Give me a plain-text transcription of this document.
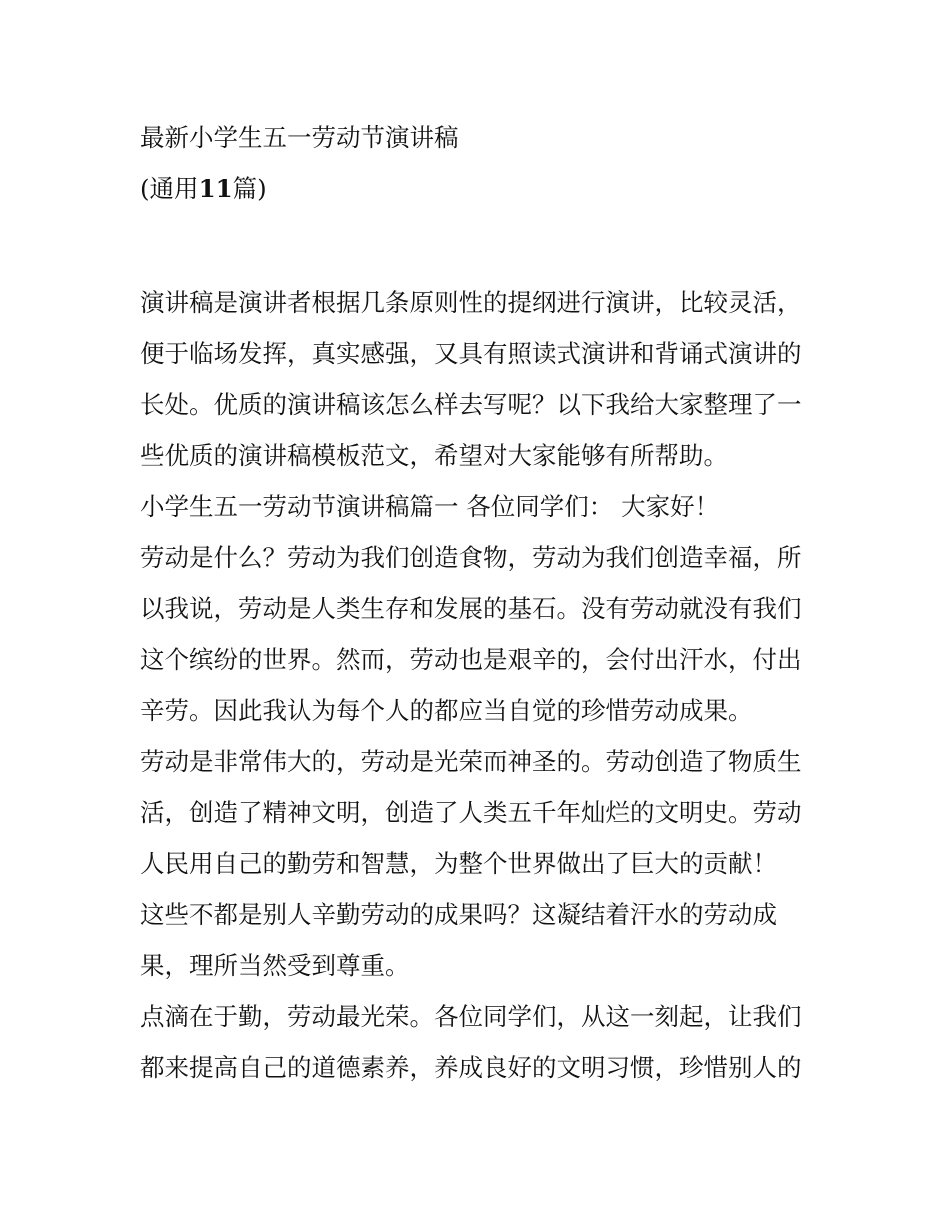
最新小学生五一劳动节演讲稿
(通用11篇)
演讲稿是演讲者根据几条原则性的提纲进行演讲，比较灵活，
便于临场发挥，真实感强，又具有照读式演讲和背诵式演讲的
长处。优质的演讲稿该怎么样去写呢？以下我给大家整理了一
些优质的演讲稿模板范文，希望对大家能够有所帮助。
小学生五一劳动节演讲稿篇一 各位同学们： 大家好！
劳动是什么？劳动为我们创造食物，劳动为我们创造幸福，所
以我说，劳动是人类生存和发展的基石。没有劳动就没有我们
这个缤纷的世界。然而，劳动也是艰辛的，会付出汗水，付出
辛劳。因此我认为每个人的都应当自觉的珍惜劳动成果。
劳动是非常伟大的，劳动是光荣而神圣的。劳动创造了物质生
活，创造了精神文明，创造了人类五千年灿烂的文明史。劳动
人民用自己的勤劳和智慧，为整个世界做出了巨大的贡献！
这些不都是别人辛勤劳动的成果吗？这凝结着汗水的劳动成
果，理所当然受到尊重。
点滴在于勤，劳动最光荣。各位同学们，从这一刻起，让我们
都来提高自己的道德素养，养成良好的文明习惯，珍惜别人的
